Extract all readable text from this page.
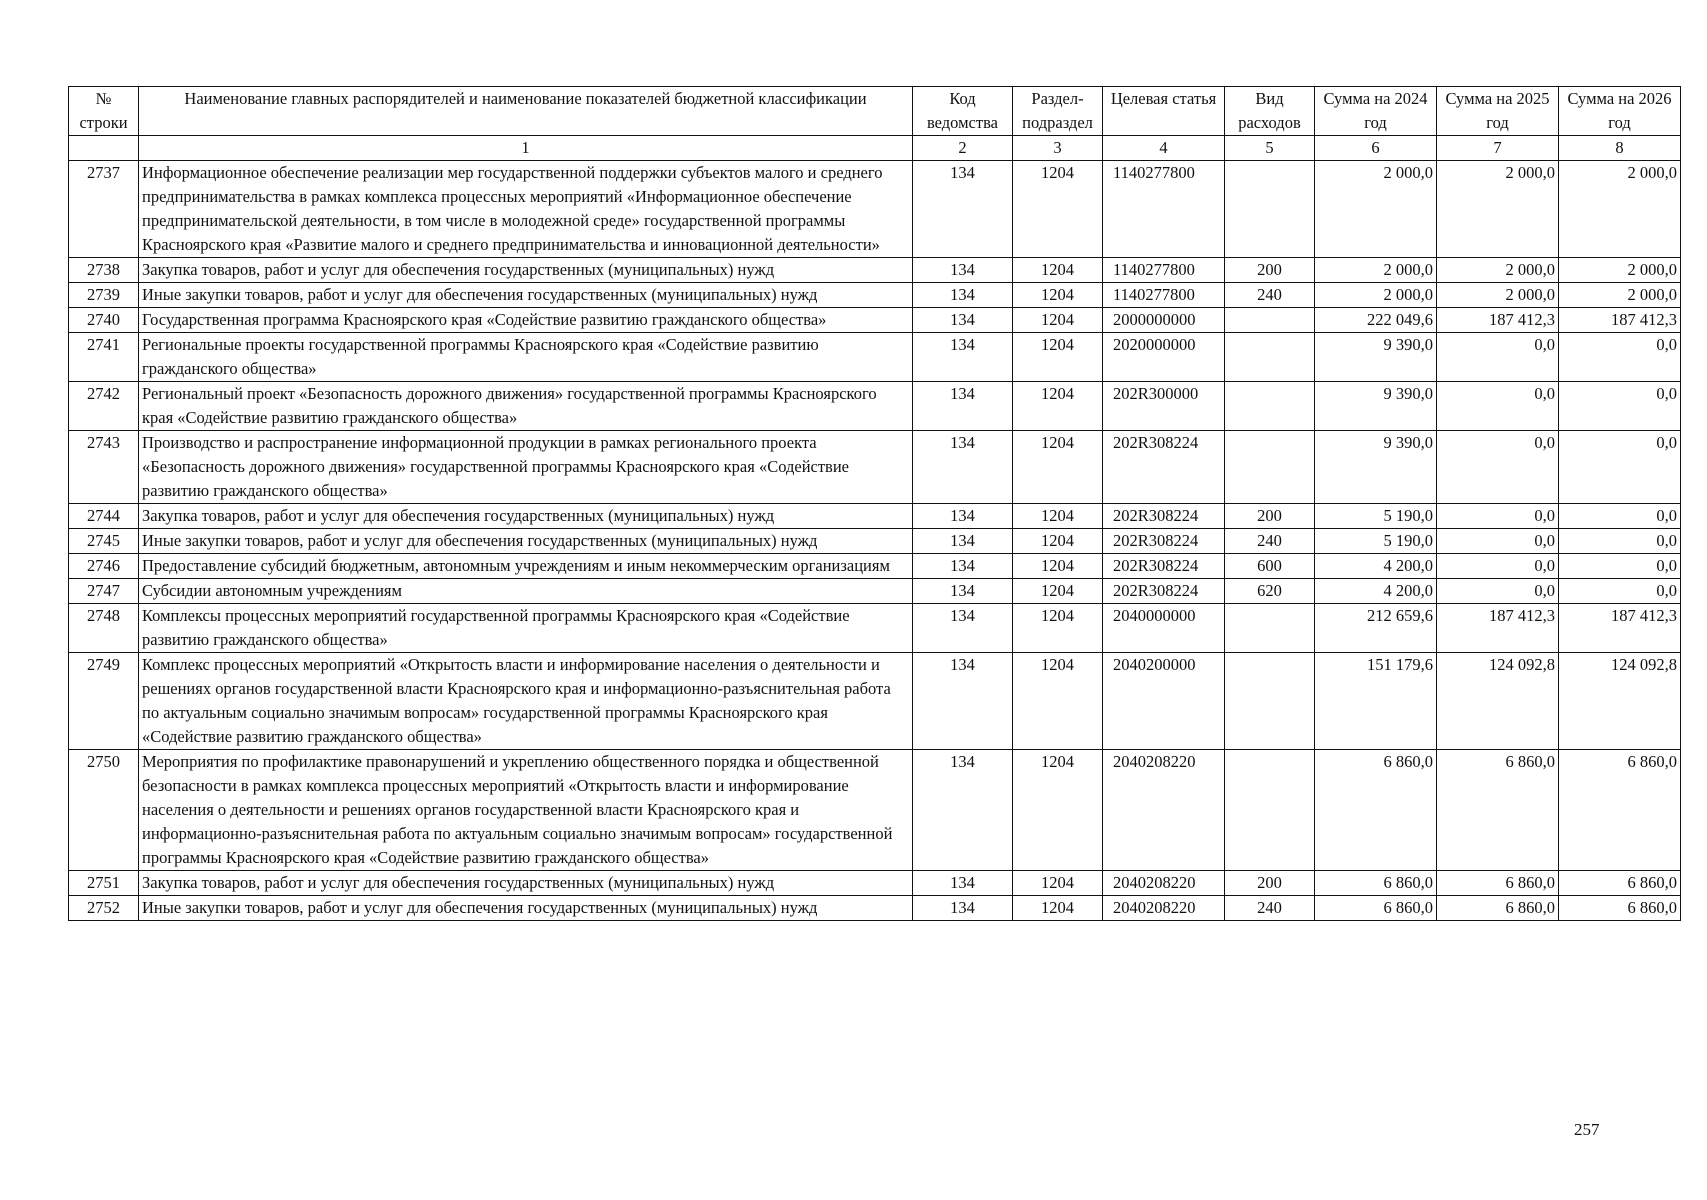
№ строки	Наименование главных распорядителей и наименование показателей бюджетной классификации	Код ведомства	Раздел-подраздел	Целевая статья	Вид расходов	Сумма на 2024 год	Сумма на 2025 год	Сумма на 2026 год
	1	2	3	4	5	6	7	8
2737	Информационное обеспечение реализации мер государственной поддержки субъектов малого и среднего предпринимательства в рамках комплекса процессных мероприятий «Информационное обеспечение предпринимательской деятельности, в том числе в молодежной среде» государственной программы Красноярского края «Развитие малого и среднего предпринимательства и инновационной деятельности»	134	1204	1140277800		2 000,0	2 000,0	2 000,0
2738	Закупка товаров, работ и услуг для обеспечения государственных (муниципальных) нужд	134	1204	1140277800	200	2 000,0	2 000,0	2 000,0
2739	Иные закупки товаров, работ и услуг для обеспечения государственных (муниципальных) нужд	134	1204	1140277800	240	2 000,0	2 000,0	2 000,0
2740	Государственная программа Красноярского края «Содействие развитию гражданского общества»	134	1204	2000000000		222 049,6	187 412,3	187 412,3
2741	Региональные проекты государственной программы Красноярского края «Содействие развитию гражданского общества»	134	1204	2020000000		9 390,0	0,0	0,0
2742	Региональный проект «Безопасность дорожного движения» государственной программы Красноярского края «Содействие развитию гражданского общества»	134	1204	202R300000		9 390,0	0,0	0,0
2743	Производство и распространение информационной продукции в рамках регионального проекта «Безопасность дорожного движения» государственной программы Красноярского края «Содействие развитию гражданского общества»	134	1204	202R308224		9 390,0	0,0	0,0
2744	Закупка товаров, работ и услуг для обеспечения государственных (муниципальных) нужд	134	1204	202R308224	200	5 190,0	0,0	0,0
2745	Иные закупки товаров, работ и услуг для обеспечения государственных (муниципальных) нужд	134	1204	202R308224	240	5 190,0	0,0	0,0
2746	Предоставление субсидий бюджетным, автономным учреждениям и иным некоммерческим организациям	134	1204	202R308224	600	4 200,0	0,0	0,0
2747	Субсидии автономным учреждениям	134	1204	202R308224	620	4 200,0	0,0	0,0
2748	Комплексы процессных мероприятий государственной программы Красноярского края «Содействие развитию гражданского общества»	134	1204	2040000000		212 659,6	187 412,3	187 412,3
2749	Комплекс процессных мероприятий «Открытость власти и информирование населения о деятельности и решениях органов государственной власти Красноярского края и информационно-разъяснительная работа по актуальным социально значимым вопросам» государственной программы Красноярского края «Содействие развитию гражданского общества»	134	1204	2040200000		151 179,6	124 092,8	124 092,8
2750	Мероприятия по профилактике правонарушений и укреплению общественного порядка и общественной безопасности в рамках комплекса процессных мероприятий «Открытость власти и информирование населения о деятельности и решениях органов государственной власти Красноярского края и информационно-разъяснительная работа по актуальным социально значимым вопросам» государственной программы Красноярского края «Содействие развитию гражданского общества»	134	1204	2040208220		6 860,0	6 860,0	6 860,0
2751	Закупка товаров, работ и услуг для обеспечения государственных (муниципальных) нужд	134	1204	2040208220	200	6 860,0	6 860,0	6 860,0
2752	Иные закупки товаров, работ и услуг для обеспечения государственных (муниципальных) нужд	134	1204	2040208220	240	6 860,0	6 860,0	6 860,0
257
